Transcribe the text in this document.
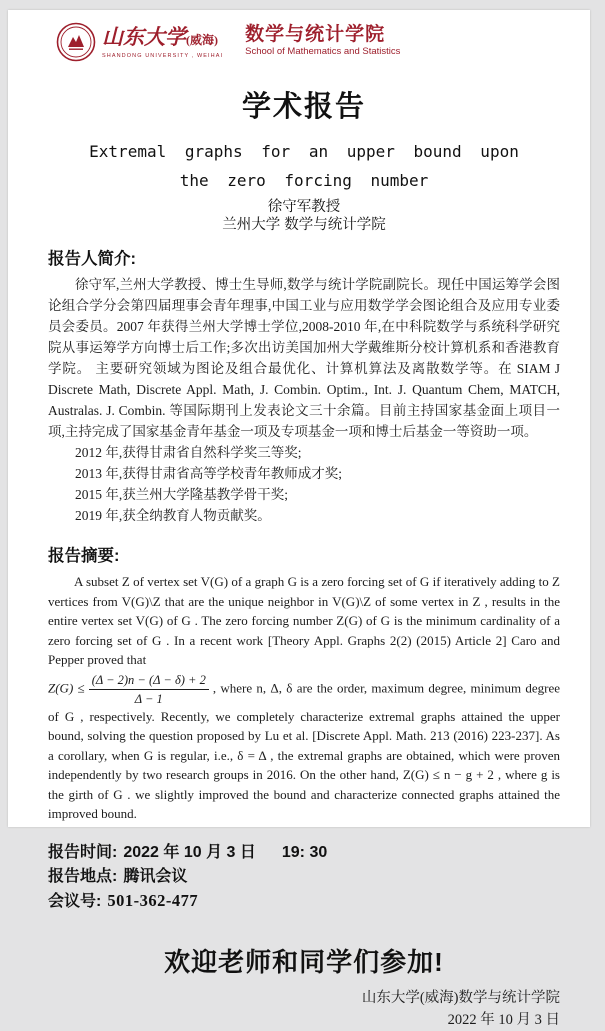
山东大学(威海)
SHANDONG UNIVERSITY , WEIHAI
数学与统计学院
School of Mathematics and Statistics
学术报告
Extremal graphs for an upper bound upon
the zero forcing number
徐守军教授
兰州大学 数学与统计学院
报告人简介:

徐守军,兰州大学教授、博士生导师,数学与统计学院副院长。现任中国运筹学会图论组合学分会第四届理事会青年理事,中国工业与应用数学学会图论组合及应用专业委员会委员。2007 年获得兰州大学博士学位,2008-2010 年,在中科院数学与系统科学研究院从事运筹学方向博士后工作;多次出访美国加州大学戴维斯分校计算机系和香港教育学院。 主要研究领域为图论及组合最优化、计算机算法及离散数学等。在 SIAM J Discrete Math, Discrete Appl. Math, J. Combin. Optim., Int. J. Quantum Chem, MATCH, Australas. J. Combin. 等国际期刊上发表论文三十余篇。目前主持国家基金面上项目一项,主持完成了国家基金青年基金一项及专项基金一项和博士后基金一等资助一项。

2012 年,获得甘肃省自然科学奖三等奖;
2013 年,获得甘肃省高等学校青年教师成才奖;
2015 年,获兰州大学隆基教学骨干奖;
2019 年,获全纳教育人物贡献奖。
报告摘要:

A subset Z of vertex set V(G) of a graph G is a zero forcing set of G if iteratively adding to Z vertices from V(G)\Z that are the unique neighbor in V(G)\Z of some vertex in Z , results in the entire vertex set V(G) of G . The zero forcing number Z(G) of G is the minimum cardinality of a zero forcing set of G . In a recent work [Theory Appl. Graphs 2(2) (2015) Article 2] Caro and Pepper proved that

$Z(G) \le \frac{(\Delta - 2)n - (\Delta - \delta) + 2}{\Delta - 1}$ , where n, Δ, δ are the order, maximum degree, minimum degree of G , respectively. Recently, we completely characterize extremal graphs attained the upper bound, solving the question proposed by Lu et al. [Discrete Appl. Math. 213 (2016) 223-237]. As a corollary, when G is regular, i.e., δ = Δ , the extremal graphs are obtained, which were proven independently by two research groups in 2016. On the other hand, Z(G) ≤ n − g + 2 , where g is the girth of G . we slightly improved the bound and characterize connected graphs attained the improved bound.

报告时间: 2022 年 10 月 3 日 19: 30
报告地点: 腾讯会议
会议号: 501-362-477
欢迎老师和同学们参加!
山东大学(威海)数学与统计学院
2022 年 10 月 3 日
